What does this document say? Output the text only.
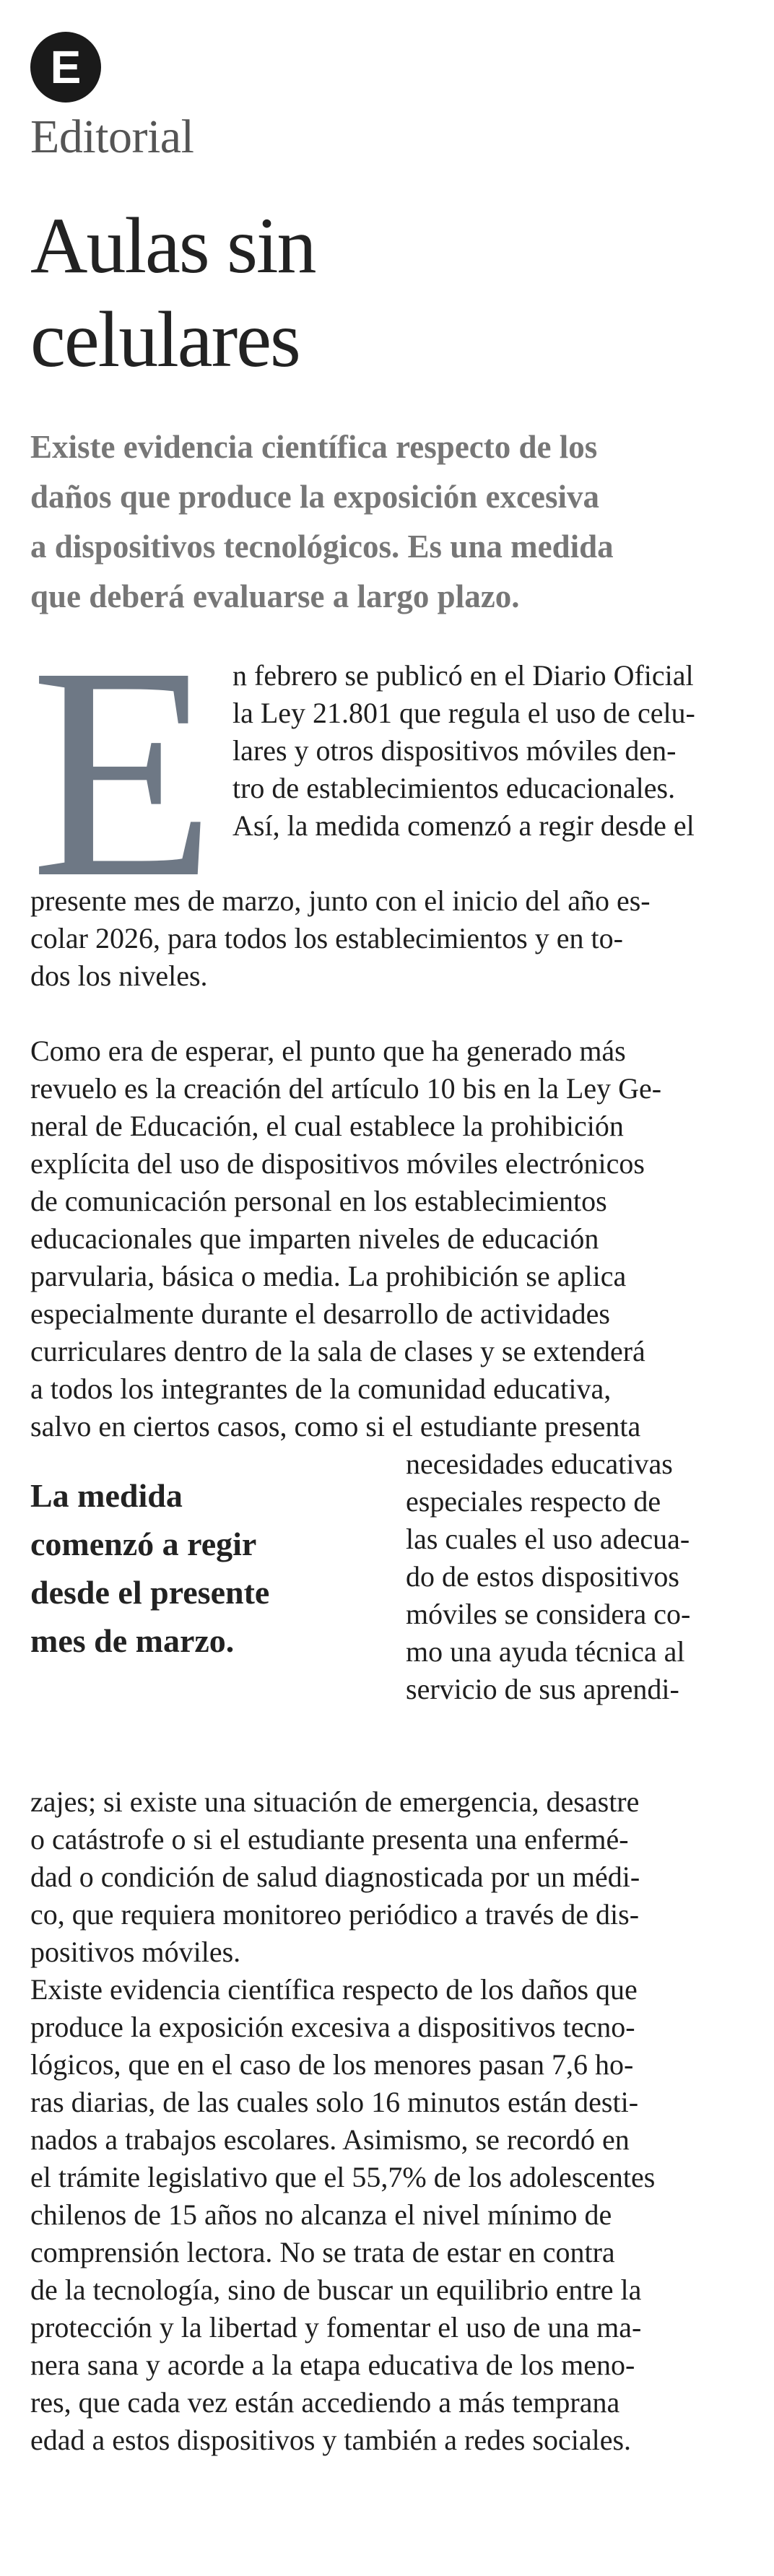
E
Editorial
Aulas sin
celulares
Existe evidencia científica respecto de los
daños que produce la exposición excesiva
a dispositivos tecnológicos. Es una medida
que deberá evaluarse a largo plazo.
E n febrero se publicó en el Diario Oficial
la Ley 21.801 que regula el uso de celu-
lares y otros dispositivos móviles den-
tro de establecimientos educacionales.
Así, la medida comenzó a regir desde el
presente mes de marzo, junto con el inicio del año es-
colar 2026, para todos los establecimientos y en to-
dos los niveles.
Como era de esperar, el punto que ha generado más
revuelo es la creación del artículo 10 bis en la Ley Ge-
neral de Educación, el cual establece la prohibición
explícita del uso de dispositivos móviles electrónicos
de comunicación personal en los establecimientos
educacionales que imparten niveles de educación
parvularia, básica o media. La prohibición se aplica
especialmente durante el desarrollo de actividades
curriculares dentro de la sala de clases y se extenderá
a todos los integrantes de la comunidad educativa,
salvo en ciertos casos, como si el estudiante presenta
La medida
comenzó a regir
desde el presente
mes de marzo.
necesidades educativas
especiales respecto de
las cuales el uso adecua-
do de estos dispositivos
móviles se considera co-
mo una ayuda técnica al
servicio de sus aprendi-
zajes; si existe una situación de emergencia, desastre
o catástrofe o si el estudiante presenta una enfermé-
dad o condición de salud diagnosticada por un médi-
co, que requiera monitoreo periódico a través de dis-
positivos móviles.
Existe evidencia científica respecto de los daños que
produce la exposición excesiva a dispositivos tecno-
lógicos, que en el caso de los menores pasan 7,6 ho-
ras diarias, de las cuales solo 16 minutos están desti-
nados a trabajos escolares. Asimismo, se recordó en
el trámite legislativo que el 55,7% de los adolescentes
chilenos de 15 años no alcanza el nivel mínimo de
comprensión lectora. No se trata de estar en contra
de la tecnología, sino de buscar un equilibrio entre la
protección y la libertad y fomentar el uso de una ma-
nera sana y acorde a la etapa educativa de los meno-
res, que cada vez están accediendo a más temprana
edad a estos dispositivos y también a redes sociales.
